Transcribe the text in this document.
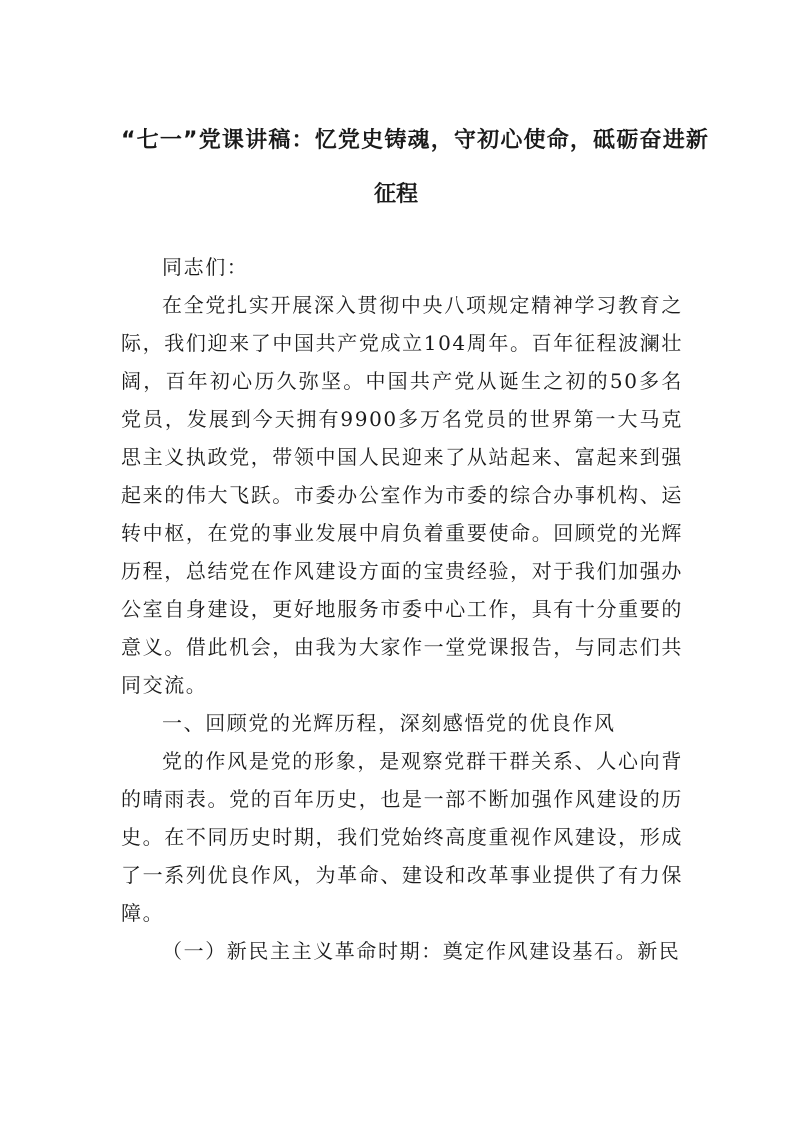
“七一”党课讲稿：忆党史铸魂，守初心使命，砥砺奋进新
征程

同志们：

在全党扎实开展深入贯彻中央八项规定精神学习教育之际，我们迎来了中国共产党成立104周年。百年征程波澜壮阔，百年初心历久弥坚。中国共产党从诞生之初的50多名党员，发展到今天拥有9900多万名党员的世界第一大马克思主义执政党，带领中国人民迎来了从站起来、富起来到强起来的伟大飞跃。市委办公室作为市委的综合办事机构、运转中枢，在党的事业发展中肩负着重要使命。回顾党的光辉历程，总结党在作风建设方面的宝贵经验，对于我们加强办公室自身建设，更好地服务市委中心工作，具有十分重要的意义。借此机会，由我为大家作一堂党课报告，与同志们共同交流。

一、回顾党的光辉历程，深刻感悟党的优良作风

党的作风是党的形象，是观察党群干群关系、人心向背的晴雨表。党的百年历史，也是一部不断加强作风建设的历史。在不同历史时期，我们党始终高度重视作风建设，形成了一系列优良作风，为革命、建设和改革事业提供了有力保障。

（一）新民主主义革命时期：奠定作风建设基石。新民
